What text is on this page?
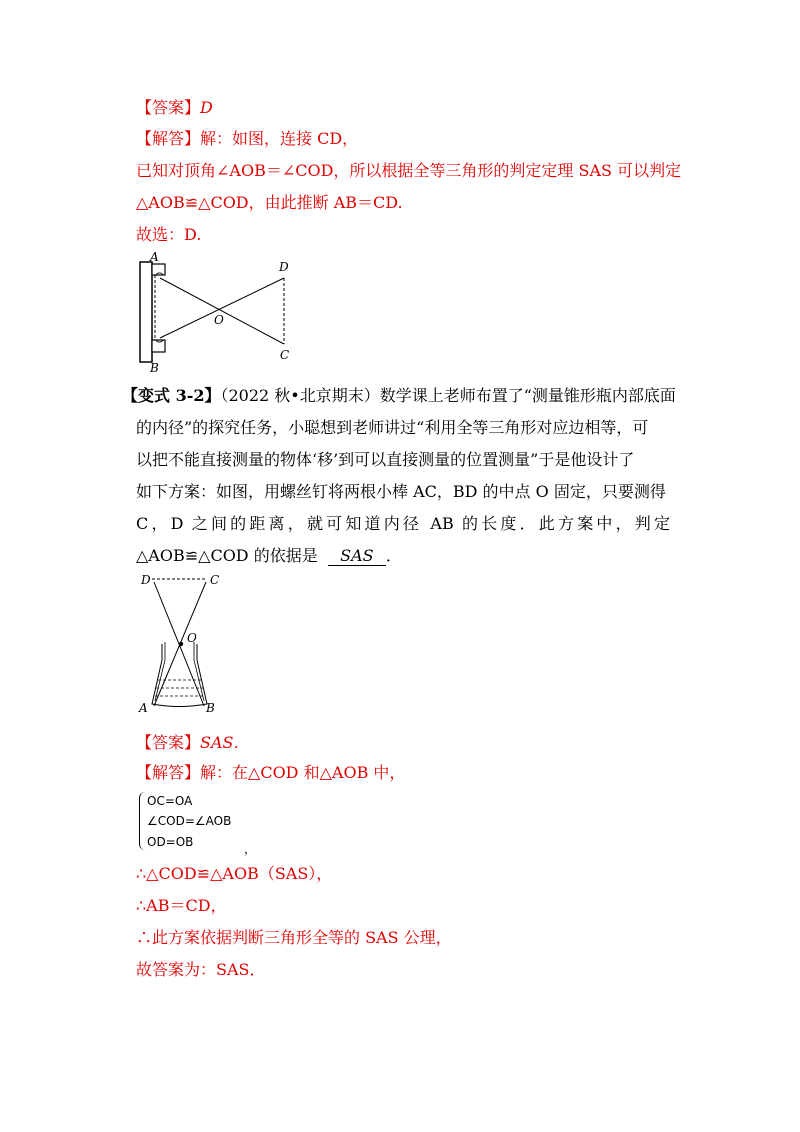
【答案】D
【解答】解：如图，连接 CD，
已知对顶角∠AOB＝∠COD，所以根据全等三角形的判定定理 SAS 可以判定
△AOB≌△COD，由此推断 AB＝CD.
故选：D.
A
B
D
C
O
【变式 3-2】（2022 秋•北京期末）数学课上老师布置了“测量锥形瓶内部底面
的内径”的探究任务，小聪想到老师讲过“利用全等三角形对应边相等，可
以把不能直接测量的物体‘移’到可以直接测量的位置测量”于是他设计了
如下方案：如图，用螺丝钉将两根小棒 AC，BD 的中点 O 固定，只要测得
C，D 之间的距离，就可知道内径 AB 的长度．此方案中，判定
△AOB≌△COD 的依据是 SAS ．
D	C
O
A	B
【答案】SAS．
【解答】解：在△COD 和△AOB 中，
OC=OA
∠COD=∠AOB
OD=OB	，
∴△COD≌△AOB（SAS），
∴AB＝CD，
∴此方案依据判断三角形全等的 SAS 公理，
故答案为：SAS．
